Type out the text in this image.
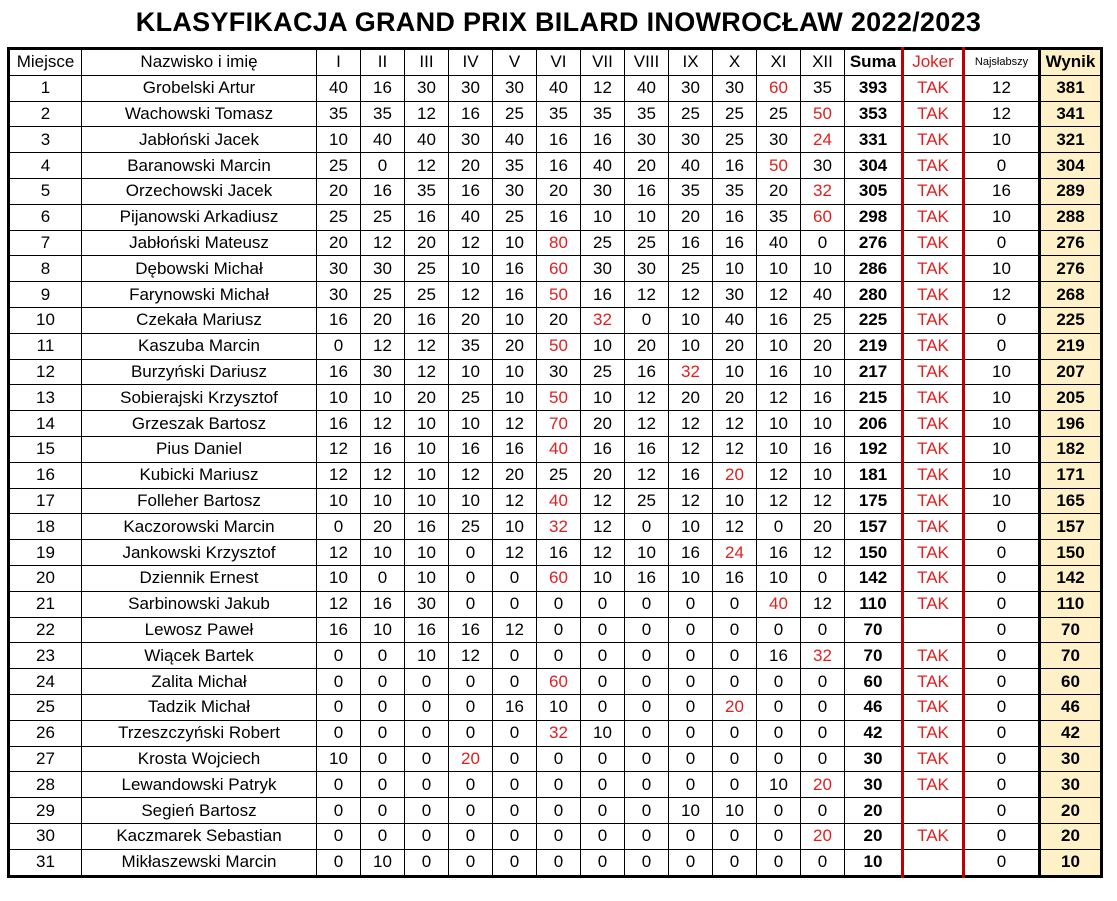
KLASYFIKACJA GRAND PRIX BILARD INOWROCŁAW 2022/2023
Miejsce	Nazwisko i imię	I	II	III	IV	V	VI	VII	VIII	IX	X	XI	XII	Suma	Joker	Najsłabszy	Wynik
1	Grobelski Artur	40	16	30	30	30	40	12	40	30	30	60	35	393	TAK	12	381
2	Wachowski Tomasz	35	35	12	16	25	35	35	35	25	25	25	50	353	TAK	12	341
3	Jabłoński Jacek	10	40	40	30	40	16	16	30	30	25	30	24	331	TAK	10	321
4	Baranowski Marcin	25	0	12	20	35	16	40	20	40	16	50	30	304	TAK	0	304
5	Orzechowski Jacek	20	16	35	16	30	20	30	16	35	35	20	32	305	TAK	16	289
6	Pijanowski Arkadiusz	25	25	16	40	25	16	10	10	20	16	35	60	298	TAK	10	288
7	Jabłoński Mateusz	20	12	20	12	10	80	25	25	16	16	40	0	276	TAK	0	276
8	Dębowski Michał	30	30	25	10	16	60	30	30	25	10	10	10	286	TAK	10	276
9	Farynowski Michał	30	25	25	12	16	50	16	12	12	30	12	40	280	TAK	12	268
10	Czekała Mariusz	16	20	16	20	10	20	32	0	10	40	16	25	225	TAK	0	225
11	Kaszuba Marcin	0	12	12	35	20	50	10	20	10	20	10	20	219	TAK	0	219
12	Burzyński Dariusz	16	30	12	10	10	30	25	16	32	10	16	10	217	TAK	10	207
13	Sobierajski Krzysztof	10	10	20	25	10	50	10	12	20	20	12	16	215	TAK	10	205
14	Grzeszak Bartosz	16	12	10	10	12	70	20	12	12	12	10	10	206	TAK	10	196
15	Pius Daniel	12	16	10	16	16	40	16	16	12	12	10	16	192	TAK	10	182
16	Kubicki Mariusz	12	12	10	12	20	25	20	12	16	20	12	10	181	TAK	10	171
17	Folleher Bartosz	10	10	10	10	12	40	12	25	12	10	12	12	175	TAK	10	165
18	Kaczorowski Marcin	0	20	16	25	10	32	12	0	10	12	0	20	157	TAK	0	157
19	Jankowski Krzysztof	12	10	10	0	12	16	12	10	16	24	16	12	150	TAK	0	150
20	Dziennik Ernest	10	0	10	0	0	60	10	16	10	16	10	0	142	TAK	0	142
21	Sarbinowski Jakub	12	16	30	0	0	0	0	0	0	0	40	12	110	TAK	0	110
22	Lewosz Paweł	16	10	16	16	12	0	0	0	0	0	0	0	70		0	70
23	Wiącek Bartek	0	0	10	12	0	0	0	0	0	0	16	32	70	TAK	0	70
24	Zalita Michał	0	0	0	0	0	60	0	0	0	0	0	0	60	TAK	0	60
25	Tadzik Michał	0	0	0	0	16	10	0	0	0	20	0	0	46	TAK	0	46
26	Trzeszczyński Robert	0	0	0	0	0	32	10	0	0	0	0	0	42	TAK	0	42
27	Krosta Wojciech	10	0	0	20	0	0	0	0	0	0	0	0	30	TAK	0	30
28	Lewandowski Patryk	0	0	0	0	0	0	0	0	0	0	10	20	30	TAK	0	30
29	Segień Bartosz	0	0	0	0	0	0	0	0	10	10	0	0	20		0	20
30	Kaczmarek Sebastian	0	0	0	0	0	0	0	0	0	0	0	20	20	TAK	0	20
31	Mikłaszewski Marcin	0	10	0	0	0	0	0	0	0	0	0	0	10		0	10
